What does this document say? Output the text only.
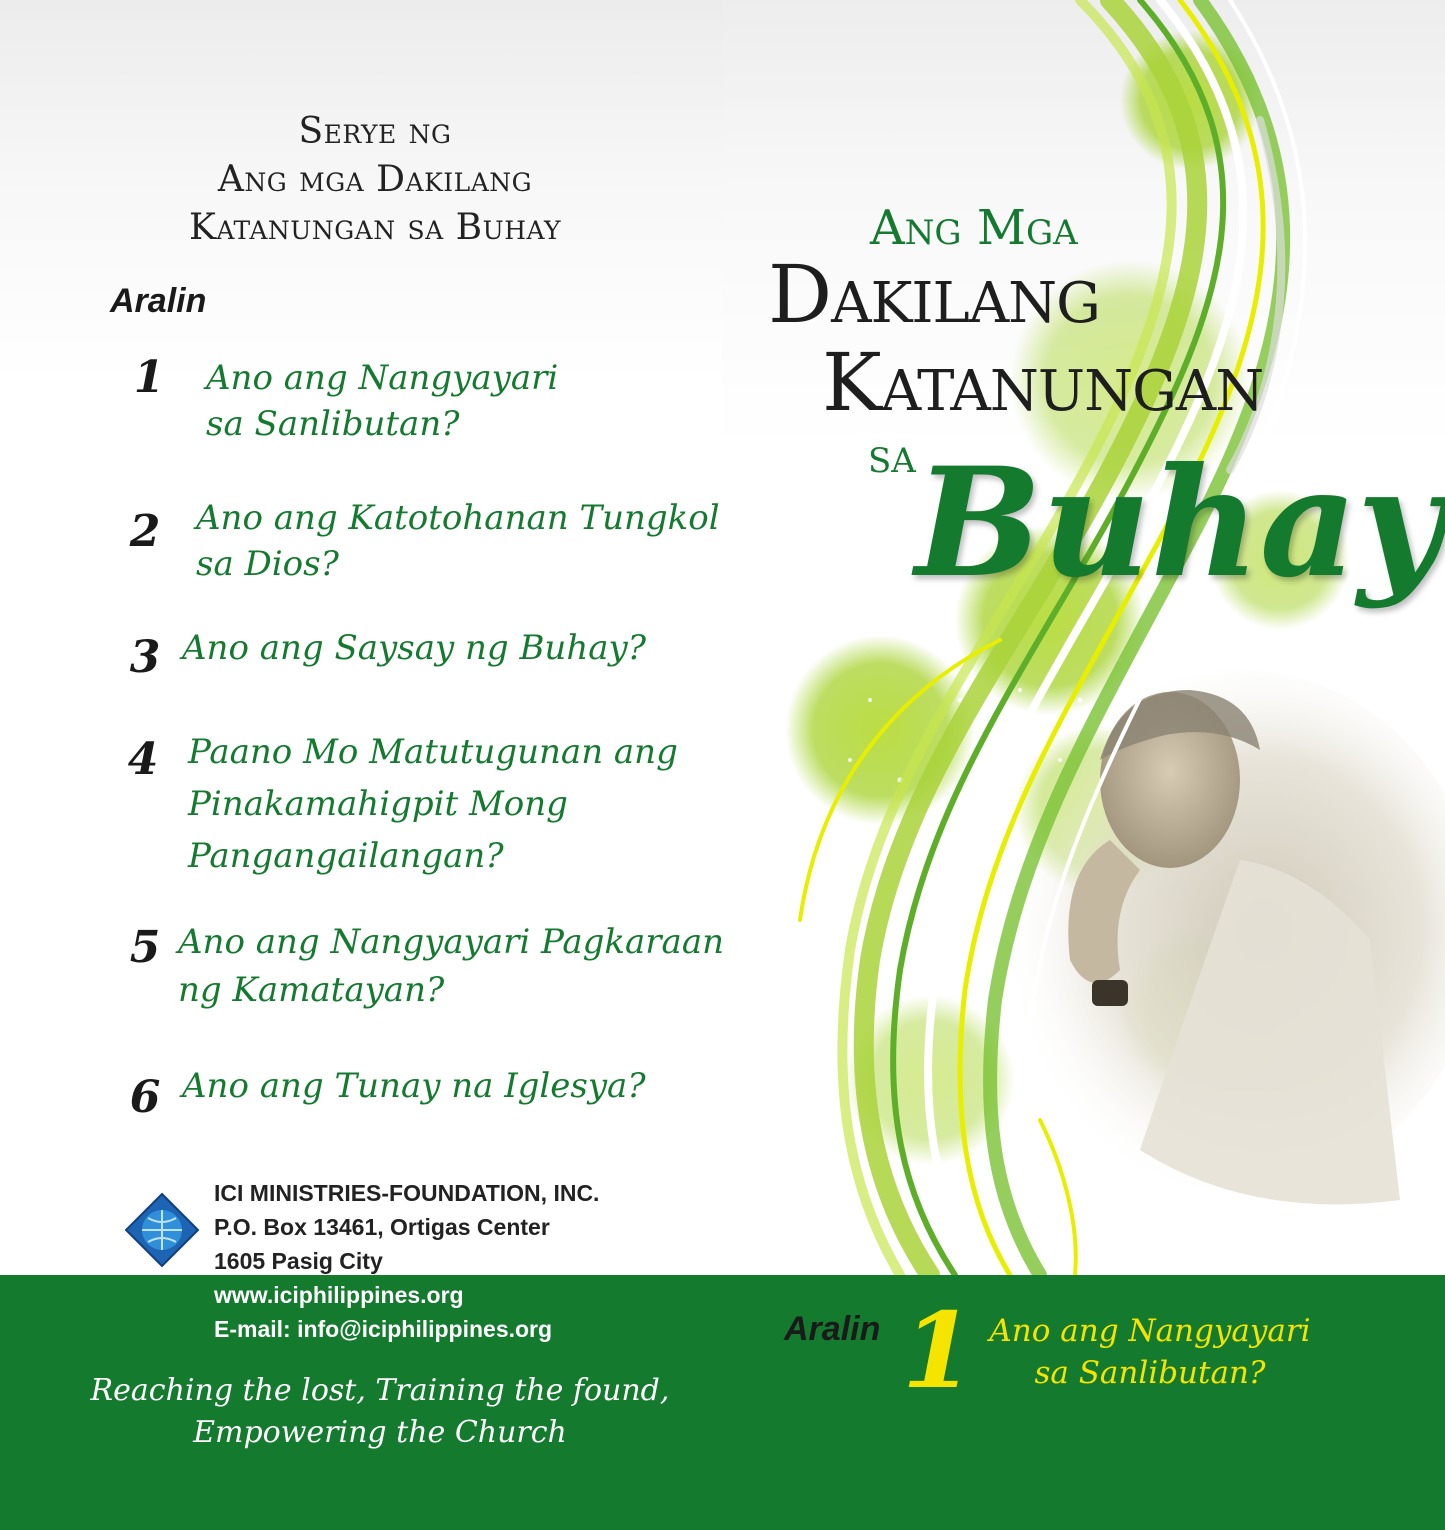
Serye ng
Ang mga Dakilang
Katanungan sa Buhay
Aralin
1 Ano ang Nangyayari
sa Sanlibutan?
2 Ano ang Katotohanan Tungkol
sa Dios?
3 Ano ang Saysay ng Buhay?
4 Paano Mo Matutugunan ang
Pinakamahigpit Mong
Pangangailangan?
5 Ano ang Nangyayari Pagkaraan
ng Kamatayan?
6 Ano ang Tunay na Iglesya?
ICI MINISTRIES-FOUNDATION, INC.
P.O. Box 13461, Ortigas Center
1605 Pasig City
www.iciphilippines.org
E-mail: info@iciphilippines.org
Reaching the lost, Training the found,
Empowering the Church
Ang Mga
Dakilang
Katanungan
sa Buhay
Aralin 1 Ano ang Nangyayari
sa Sanlibutan?
